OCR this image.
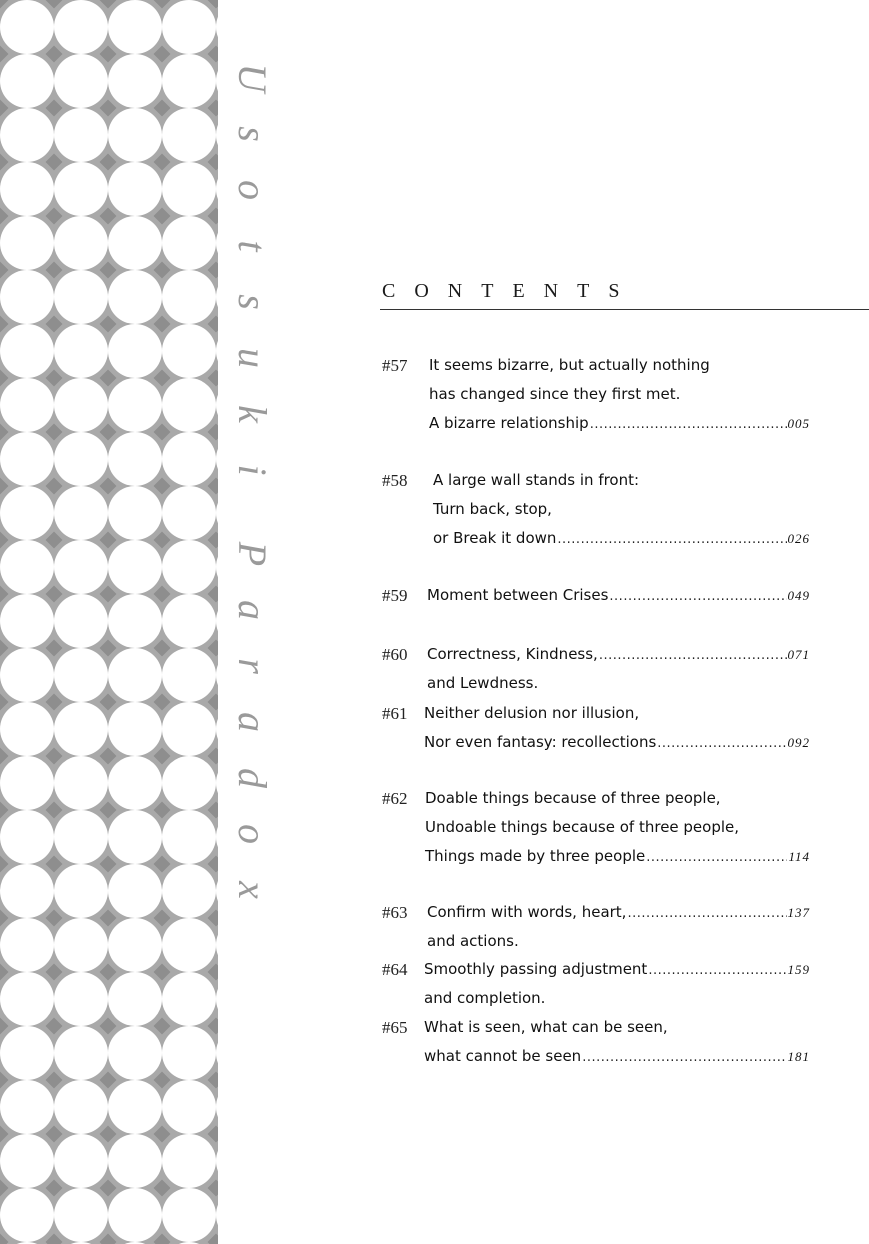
U
s
o
t
s
u
k
i
P
a
r
a
d
o
x
CONTENTS
#57 It seems bizarre, but actually nothing
has changed since they first met.
A bizarre relationship .....	005
#58 A large wall stands in front:
Turn back, stop,
or Break it down .....	026
#59 Moment between Crises .....	049
#60 Correctness, Kindness, .....	071
and Lewdness.
#61 Neither delusion nor illusion,
Nor even fantasy: recollections .....	092
#62 Doable things because of three people,
Undoable things because of three people,
Things made by three people .....	114
#63 Confirm with words, heart, .....	137
and actions.
#64 Smoothly passing adjustment .....	159
and completion.
#65 What is seen, what can be seen,
what cannot be seen .....	181
